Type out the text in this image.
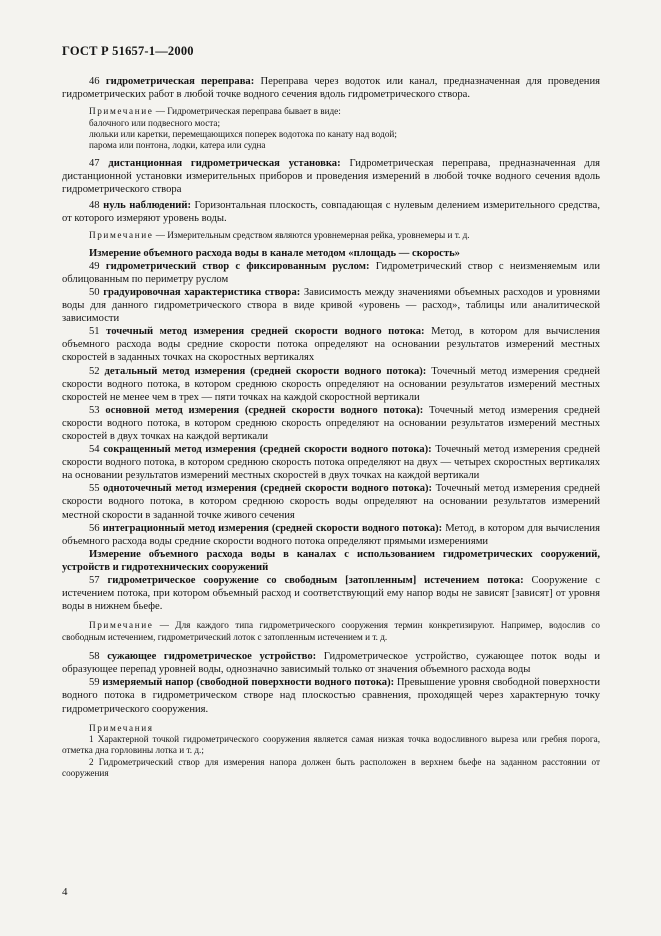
ГОСТ Р 51657-1—2000

46 гидрометрическая переправа: Переправа через водоток или канал, предназначенная для проведения гидрометрических работ в любой точке водного сечения вдоль гидрометрического створа.

Примечание — Гидрометрическая переправа бывает в виде:

балочного или подвесного моста;

люльки или каретки, перемещающихся поперек водотока по канату над водой;

парома или понтона, лодки, катера или судна

47 дистанционная гидрометрическая установка: Гидрометрическая переправа, предназначенная для дистанционной установки измерительных приборов и проведения измерений в любой точке водного сечения вдоль гидрометрического створа

48 нуль наблюдений: Горизонтальная плоскость, совпадающая с нулевым делением измерительного средства, от которого измеряют уровень воды.

Примечание — Измерительным средством являются уровнемерная рейка, уровнемеры и т. д.

Измерение объемного расхода воды в канале методом «площадь — скорость»

49 гидрометрический створ с фиксированным руслом: Гидрометрический створ с неизменяемым или облицованным по периметру руслом

50 градуировочная характеристика створа: Зависимость между значениями объемных расходов и уровнями воды для данного гидрометрического створа в виде кривой «уровень — расход», таблицы или аналитической зависимости

51 точечный метод измерения средней скорости водного потока: Метод, в котором для вычисления объемного расхода воды средние скорости потока определяют на основании результатов измерений местных скоростей в заданных точках на скоростных вертикалях

52 детальный метод измерения (средней скорости водного потока): Точечный метод измерения средней скорости водного потока, в котором среднюю скорость определяют на основании результатов измерений местных скоростей не менее чем в трех — пяти точках на каждой скоростной вертикали

53 основной метод измерения (средней скорости водного потока): Точечный метод измерения средней скорости водного потока, в котором среднюю скорость определяют на основании результатов измерений местных скоростей в двух точках на каждой вертикали

54 сокращенный метод измерения (средней скорости водного потока): Точечный метод измерения средней скорости водного потока, в котором среднюю скорость потока определяют на двух — четырех скоростных вертикалях на основании результатов измерений местных скоростей в двух точках на каждой вертикали

55 одноточечный метод измерения (средней скорости водного потока): Точечный метод измерения средней скорости водного потока, в котором среднюю скорость воды определяют на основании результатов измерений местной скорости в заданной точке живого сечения

56 интеграционный метод измерения (средней скорости водного потока): Метод, в котором для вычисления объемного расхода воды средние скорости водного потока определяют прямыми измерениями

Измерение объемного расхода воды в каналах с использованием гидрометрических сооружений, устройств и гидротехнических сооружений

57 гидрометрическое сооружение со свободным [затопленным] истечением потока: Сооружение с истечением потока, при котором объемный расход и соответствующий ему напор воды не зависят [зависят] от уровня воды в нижнем бьефе.

Примечание — Для каждого типа гидрометрического сооружения термин конкретизируют. Например, водослив со свободным истечением, гидрометрический лоток с затопленным истечением и т. д.

58 сужающее гидрометрическое устройство: Гидрометрическое устройство, сужающее поток воды и образующее перепад уровней воды, однозначно зависимый только от значения объемного расхода воды

59 измеряемый напор (свободной поверхности водного потока): Превышение уровня свободной поверхности водного потока в гидрометрическом створе над плоскостью сравнения, проходящей через характерную точку гидрометрического сооружения.

Примечания

1 Характерной точкой гидрометрического сооружения является самая низкая точка водосливного выреза или гребня порога, отметка дна горловины лотка и т. д.;

2 Гидрометрический створ для измерения напора должен быть расположен в верхнем бьефе на заданном расстоянии от сооружения

4
